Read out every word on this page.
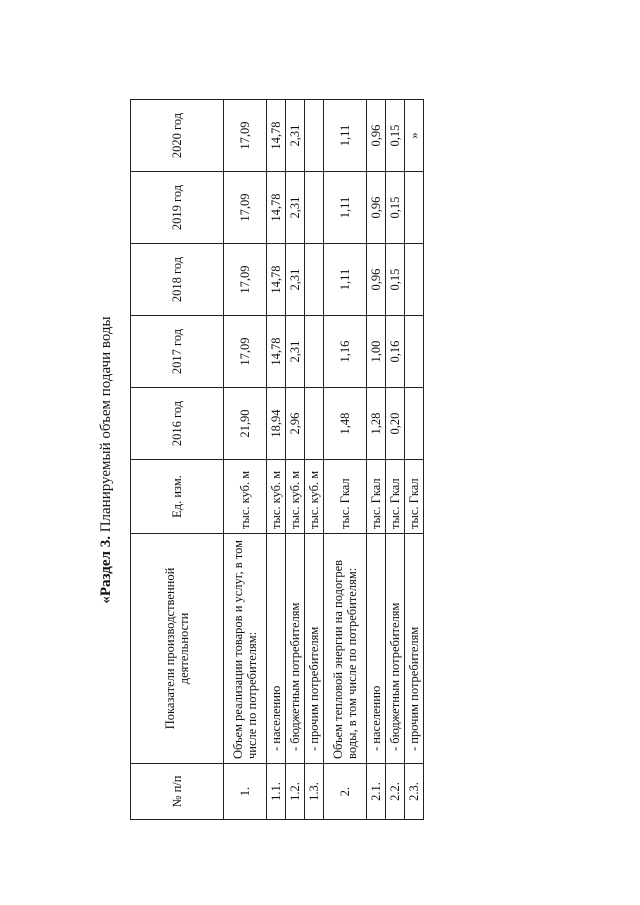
«Раздел 3. Планируемый объем подачи воды
№ п/п	Показатели производственной деятельности	Ед. изм.	2016 год	2017 год	2018 год	2019 год	2020 год
1.	Объем реализации товаров и услуг, в том числе по потребителям:	тыс. куб. м	21,90	17,09	17,09	17,09	17,09
1.1.	- населению	тыс. куб. м	18,94	14,78	14,78	14,78	14,78
1.2.	- бюджетным потребителям	тыс. куб. м	2,96	2,31	2,31	2,31	2,31
1.3.	- прочим потребителям	тыс. куб. м					
2.	Объем тепловой энергии на подогрев воды, в том числе по потребителям:	тыс. Гкал	1,48	1,16	1,11	1,11	1,11
2.1.	- населению	тыс. Гкал	1,28	1,00	0,96	0,96	0,96
2.2.	- бюджетным потребителям	тыс. Гкал	0,20	0,16	0,15	0,15	0,15
2.3.	- прочим потребителям	тыс. Гкал					»
